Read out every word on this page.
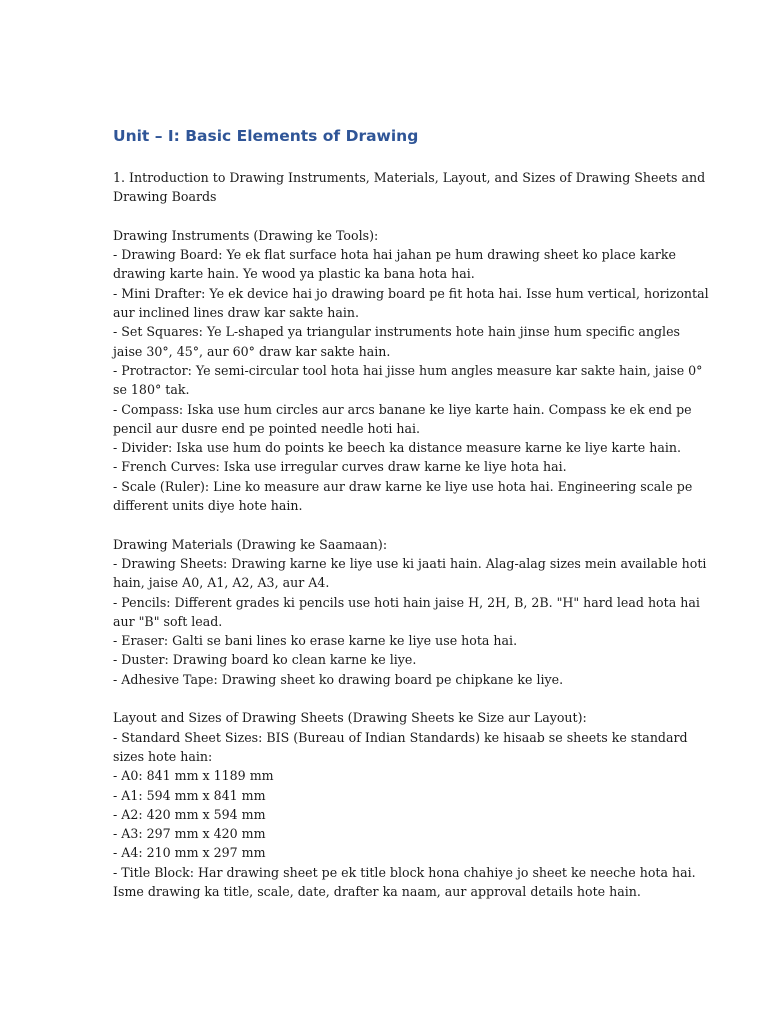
Unit – I: Basic Elements of Drawing
1. Introduction to Drawing Instruments, Materials, Layout, and Sizes of Drawing Sheets and
Drawing Boards
Drawing Instruments (Drawing ke Tools):
- Drawing Board: Ye ek flat surface hota hai jahan pe hum drawing sheet ko place karke
drawing karte hain. Ye wood ya plastic ka bana hota hai.
- Mini Drafter: Ye ek device hai jo drawing board pe fit hota hai. Isse hum vertical, horizontal
aur inclined lines draw kar sakte hain.
- Set Squares: Ye L-shaped ya triangular instruments hote hain jinse hum specific angles
jaise 30°, 45°, aur 60° draw kar sakte hain.
- Protractor: Ye semi-circular tool hota hai jisse hum angles measure kar sakte hain, jaise 0°
se 180° tak.
- Compass: Iska use hum circles aur arcs banane ke liye karte hain. Compass ke ek end pe
pencil aur dusre end pe pointed needle hoti hai.
- Divider: Iska use hum do points ke beech ka distance measure karne ke liye karte hain.
- French Curves: Iska use irregular curves draw karne ke liye hota hai.
- Scale (Ruler): Line ko measure aur draw karne ke liye use hota hai. Engineering scale pe
different units diye hote hain.
Drawing Materials (Drawing ke Saamaan):
- Drawing Sheets: Drawing karne ke liye use ki jaati hain. Alag-alag sizes mein available hoti
hain, jaise A0, A1, A2, A3, aur A4.
- Pencils: Different grades ki pencils use hoti hain jaise H, 2H, B, 2B. "H" hard lead hota hai
aur "B" soft lead.
- Eraser: Galti se bani lines ko erase karne ke liye use hota hai.
- Duster: Drawing board ko clean karne ke liye.
- Adhesive Tape: Drawing sheet ko drawing board pe chipkane ke liye.
Layout and Sizes of Drawing Sheets (Drawing Sheets ke Size aur Layout):
- Standard Sheet Sizes: BIS (Bureau of Indian Standards) ke hisaab se sheets ke standard
sizes hote hain:
- A0: 841 mm x 1189 mm
- A1: 594 mm x 841 mm
- A2: 420 mm x 594 mm
- A3: 297 mm x 420 mm
- A4: 210 mm x 297 mm
- Title Block: Har drawing sheet pe ek title block hona chahiye jo sheet ke neeche hota hai.
Isme drawing ka title, scale, date, drafter ka naam, aur approval details hote hain.
